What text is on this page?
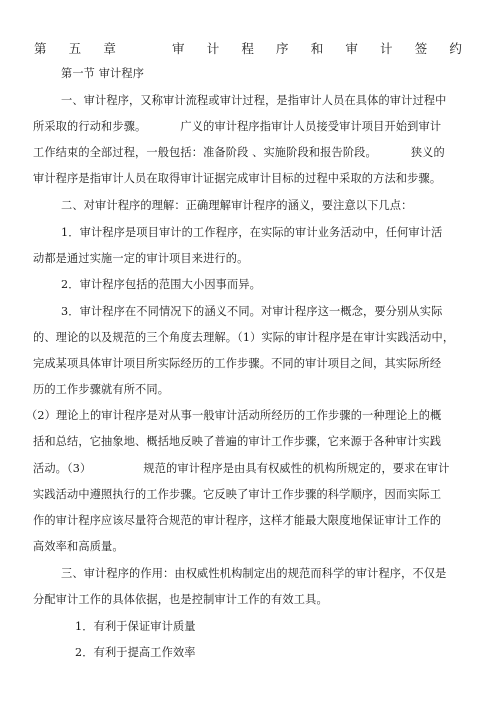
第 五 章	审 计 程 序 和 审 计 签 约
第一节 审计程序
一、审计程序，又称审计流程或审计过程，是指审计人员在具体的审计过程中
所采取的行动和步骤。	广义的审计程序指审计人员接受审计项目开始到审计
工作结束的全部过程，一般包括：准备阶段 、实施阶段和报告阶段。	狭义的
审计程序是指审计人员在取得审计证据完成审计目标的过程中采取的方法和步骤。
二、对审计程序的理解：正确理解审计程序的涵义，要注意以下几点：
1．审计程序是项目审计的工作程序，在实际的审计业务活动中，任何审计活
动都是通过实施一定的审计项目来进行的。
2．审计程序包括的范围大小因事而异。
3．审计程序在不同情况下的涵义不同。对审计程序这一概念，要分别从实际
的、理论的以及规范的三个角度去理解。（1）实际的审计程序是在审计实践活动中，
完成某项具体审计项目所实际经历的工作步骤。不同的审计项目之间，其实际所经
历的工作步骤就有所不同。
（2）理论上的审计程序是对从事一般审计活动所经历的工作步骤的一种理论上的概
括和总结，它抽象地、概括地反映了普遍的审计工作步骤，它来源于各种审计实践
活动。（3）	规范的审计程序是由具有权威性的机构所规定的，要求在审计
实践活动中遵照执行的工作步骤。它反映了审计工作步骤的科学顺序，因而实际工
作的审计程序应该尽量符合规范的审计程序，这样才能最大限度地保证审计工作的
高效率和高质量。
三、审计程序的作用：由权威性机构制定出的规范而科学的审计程序，不仅是
分配审计工作的具体依据，也是控制审计工作的有效工具。
1．有利于保证审计质量
2．有利于提高工作效率
